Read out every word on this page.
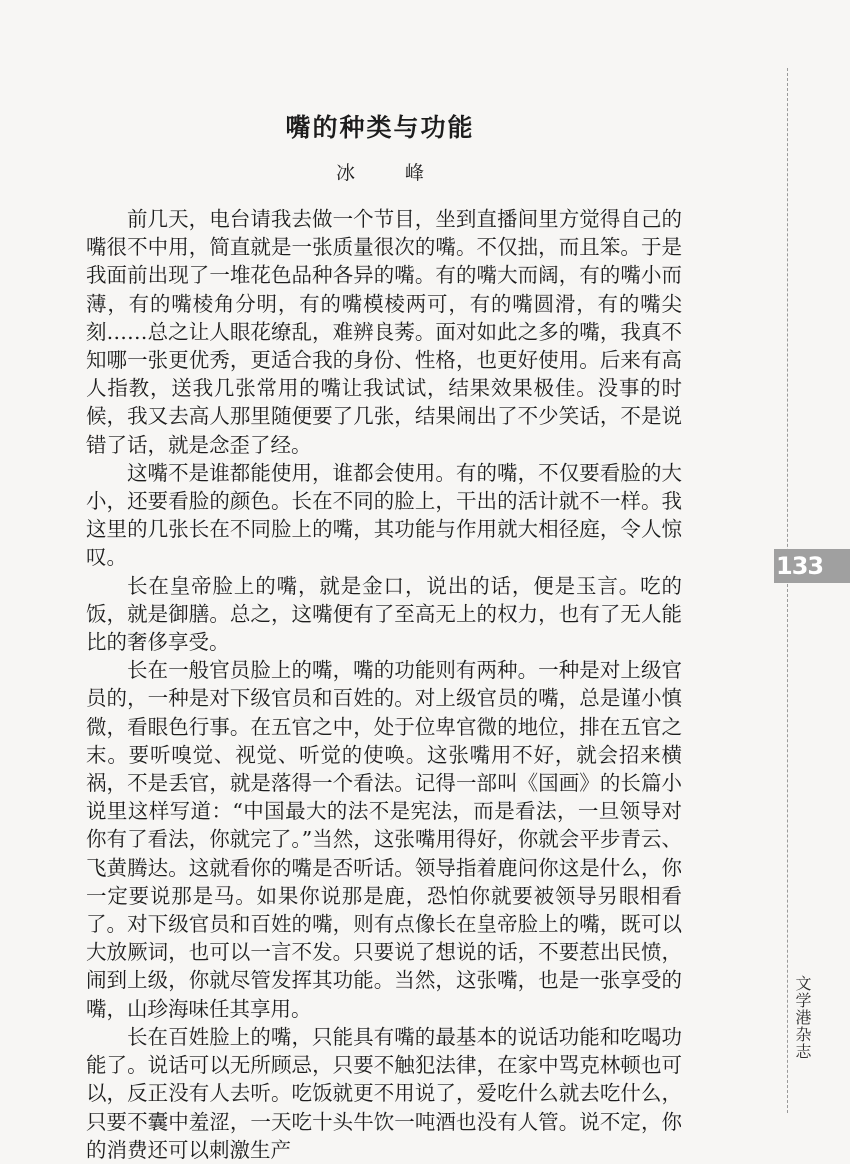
嘴的种类与功能
冰 峰

前几天，电台请我去做一个节目，坐到直播间里方觉得自己的嘴很不中用，简直就是一张质量很次的嘴。不仅拙，而且笨。于是我面前出现了一堆花色品种各异的嘴。有的嘴大而阔，有的嘴小而薄，有的嘴棱角分明，有的嘴模棱两可，有的嘴圆滑，有的嘴尖刻……总之让人眼花缭乱，难辨良莠。面对如此之多的嘴，我真不知哪一张更优秀，更适合我的身份、性格，也更好使用。后来有高人指教，送我几张常用的嘴让我试试，结果效果极佳。没事的时候，我又去高人那里随便要了几张，结果闹出了不少笑话，不是说错了话，就是念歪了经。

这嘴不是谁都能使用，谁都会使用。有的嘴，不仅要看脸的大小，还要看脸的颜色。长在不同的脸上，干出的活计就不一样。我这里的几张长在不同脸上的嘴，其功能与作用就大相径庭，令人惊叹。

长在皇帝脸上的嘴，就是金口，说出的话，便是玉言。吃的饭，就是御膳。总之，这嘴便有了至高无上的权力，也有了无人能比的奢侈享受。

长在一般官员脸上的嘴，嘴的功能则有两种。一种是对上级官员的，一种是对下级官员和百姓的。对上级官员的嘴，总是谨小慎微，看眼色行事。在五官之中，处于位卑官微的地位，排在五官之末。要听嗅觉、视觉、听觉的使唤。这张嘴用不好，就会招来横祸，不是丢官，就是落得一个看法。记得一部叫《国画》的长篇小说里这样写道：“中国最大的法不是宪法，而是看法，一旦领导对你有了看法，你就完了。”当然，这张嘴用得好，你就会平步青云、飞黄腾达。这就看你的嘴是否听话。领导指着鹿问你这是什么，你一定要说那是马。如果你说那是鹿，恐怕你就要被领导另眼相看了。对下级官员和百姓的嘴，则有点像长在皇帝脸上的嘴，既可以大放厥词，也可以一言不发。只要说了想说的话，不要惹出民愤，闹到上级，你就尽管发挥其功能。当然，这张嘴，也是一张享受的嘴，山珍海味任其享用。

长在百姓脸上的嘴，只能具有嘴的最基本的说话功能和吃喝功能了。说话可以无所顾忌，只要不触犯法律，在家中骂克林顿也可以，反正没有人去听。吃饭就更不用说了，爱吃什么就去吃什么，只要不囊中羞涩，一天吃十头牛饮一吨酒也没有人管。说不定，你的消费还可以刺激生产

133
文学港杂志
